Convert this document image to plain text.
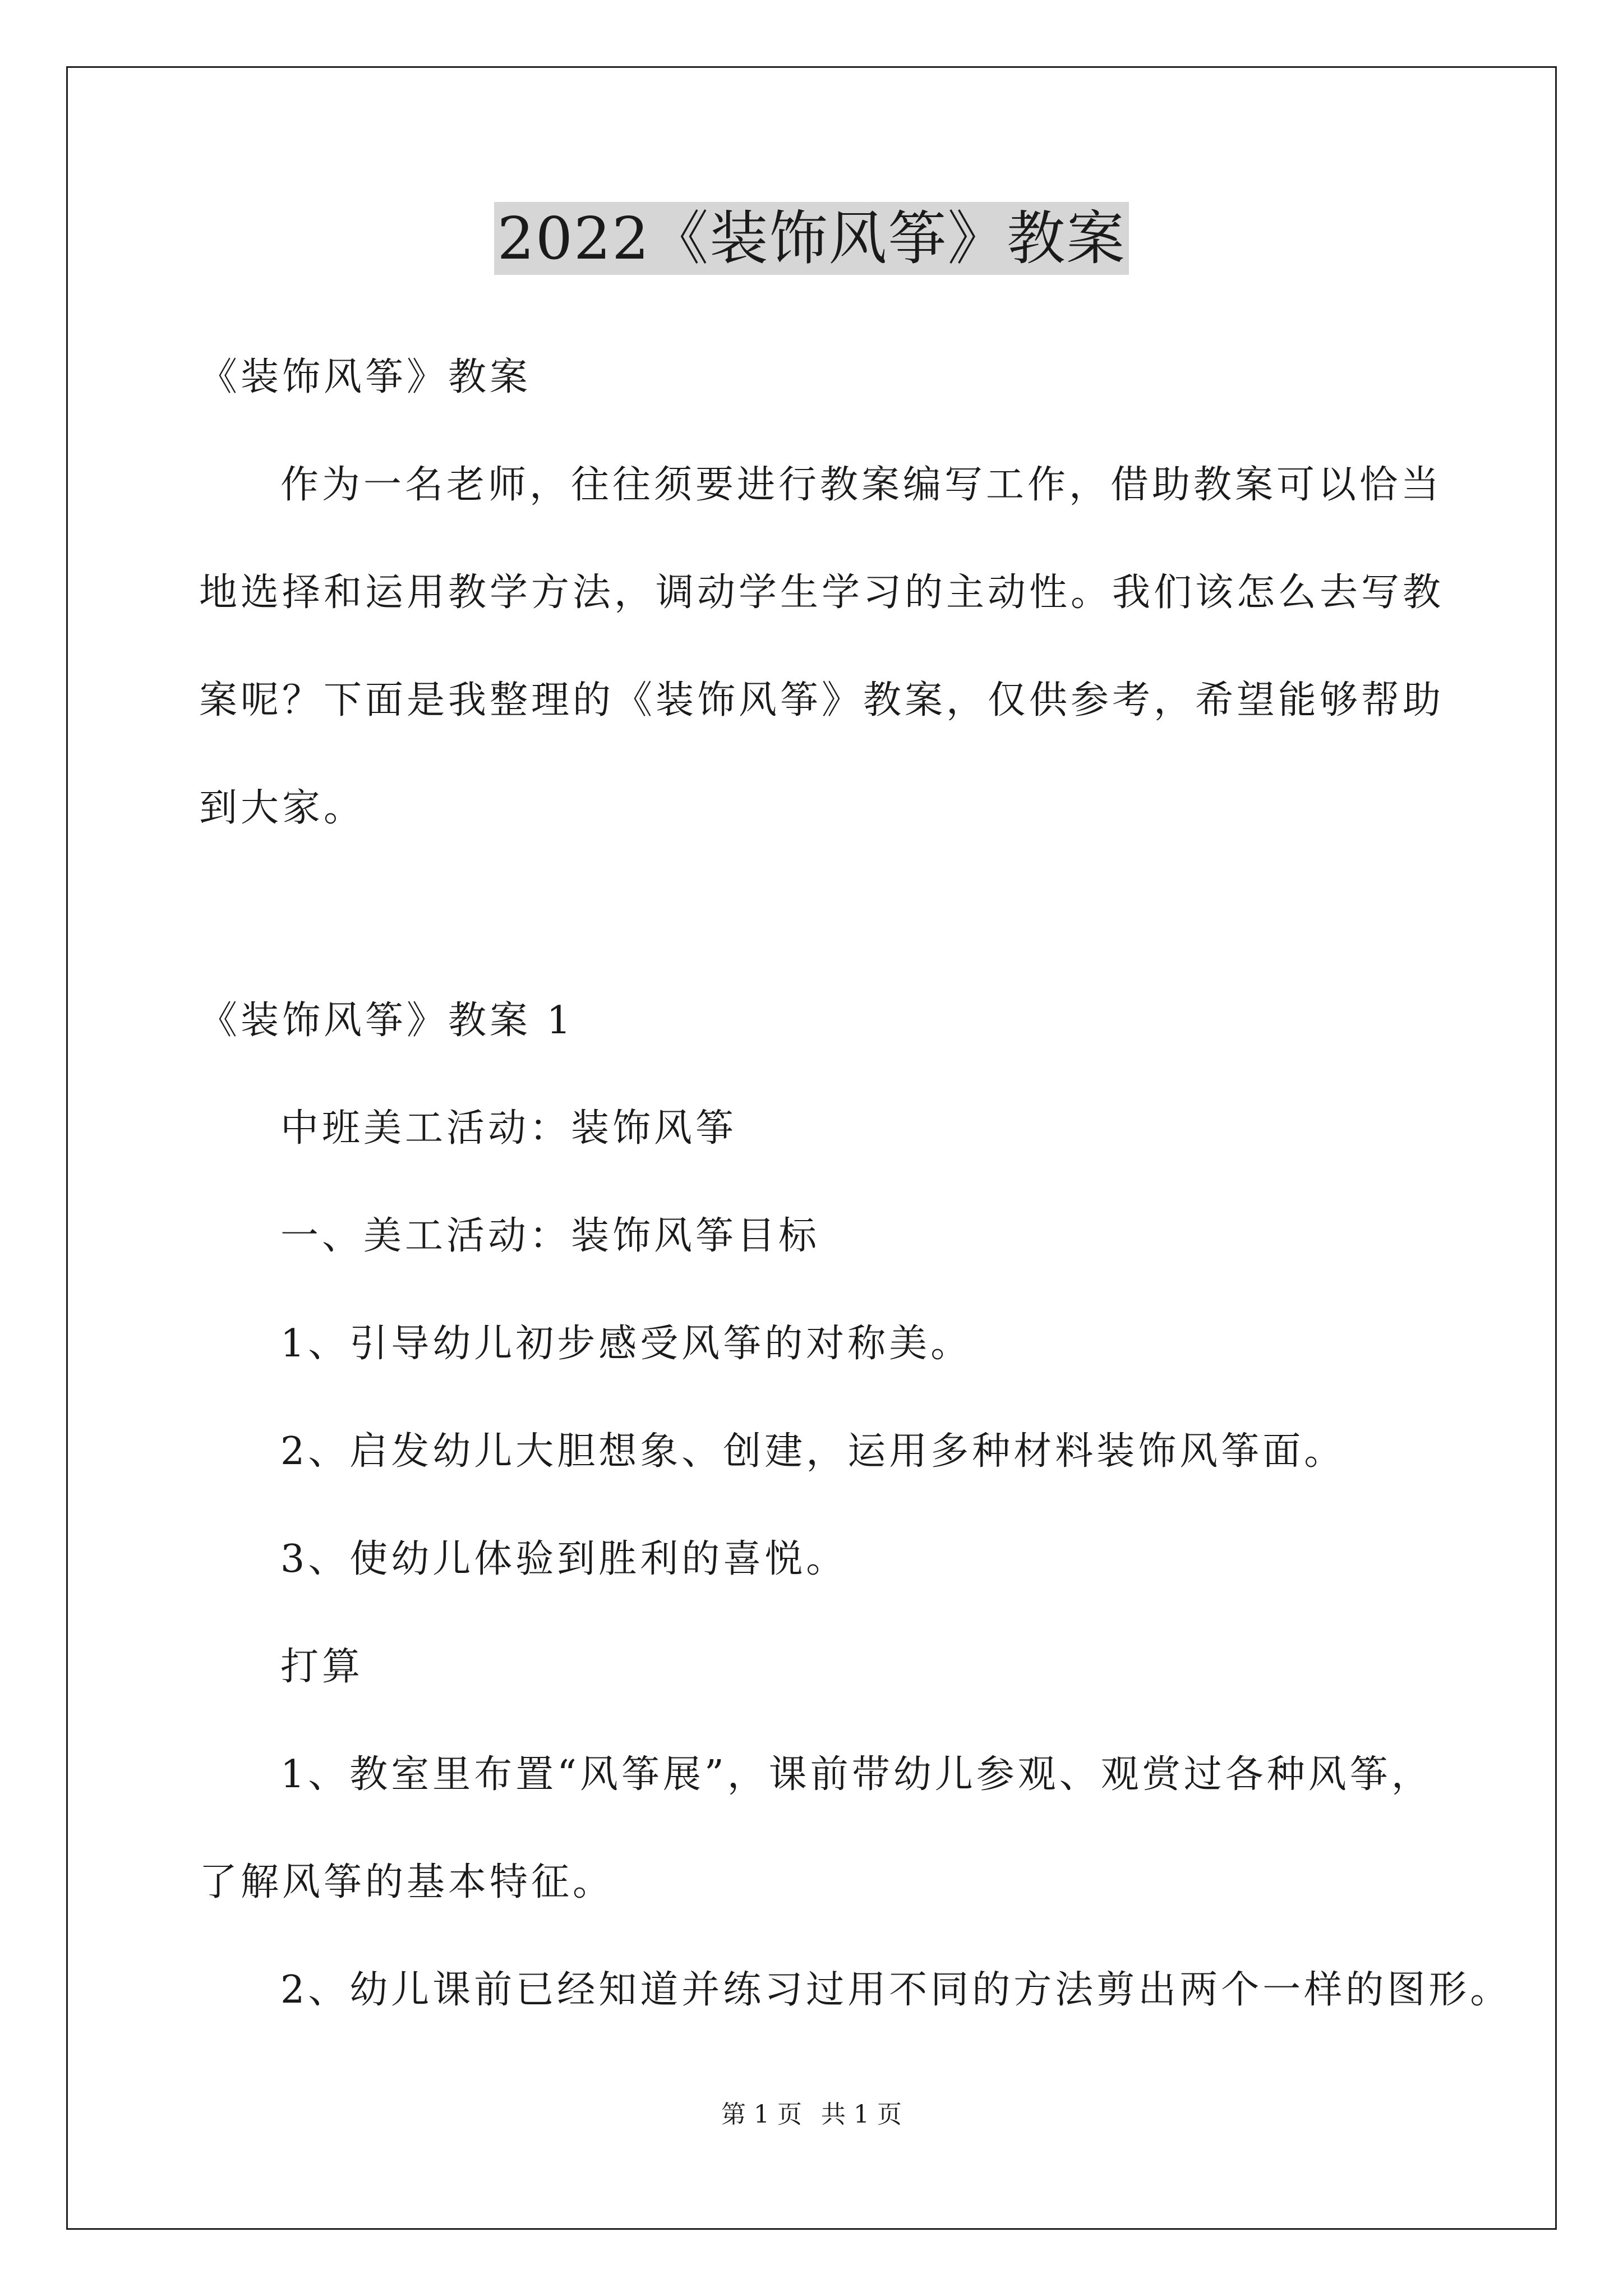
2022《装饰风筝》教案
《装饰风筝》教案
作为一名老师，往往须要进行教案编写工作，借助教案可以恰当
地选择和运用教学方法，调动学生学习的主动性。我们该怎么去写教
案呢？下面是我整理的《装饰风筝》教案，仅供参考，希望能够帮助
到大家。
《装饰风筝》教案 1
中班美工活动：装饰风筝
一、美工活动：装饰风筝目标
1、引导幼儿初步感受风筝的对称美。
2、启发幼儿大胆想象、创建，运用多种材料装饰风筝面。
3、使幼儿体验到胜利的喜悦。
打算
1、教室里布置“风筝展”，课前带幼儿参观、观赏过各种风筝，
了解风筝的基本特征。
2、幼儿课前已经知道并练习过用不同的方法剪出两个一样的图形。
第 1 页 共 1 页
